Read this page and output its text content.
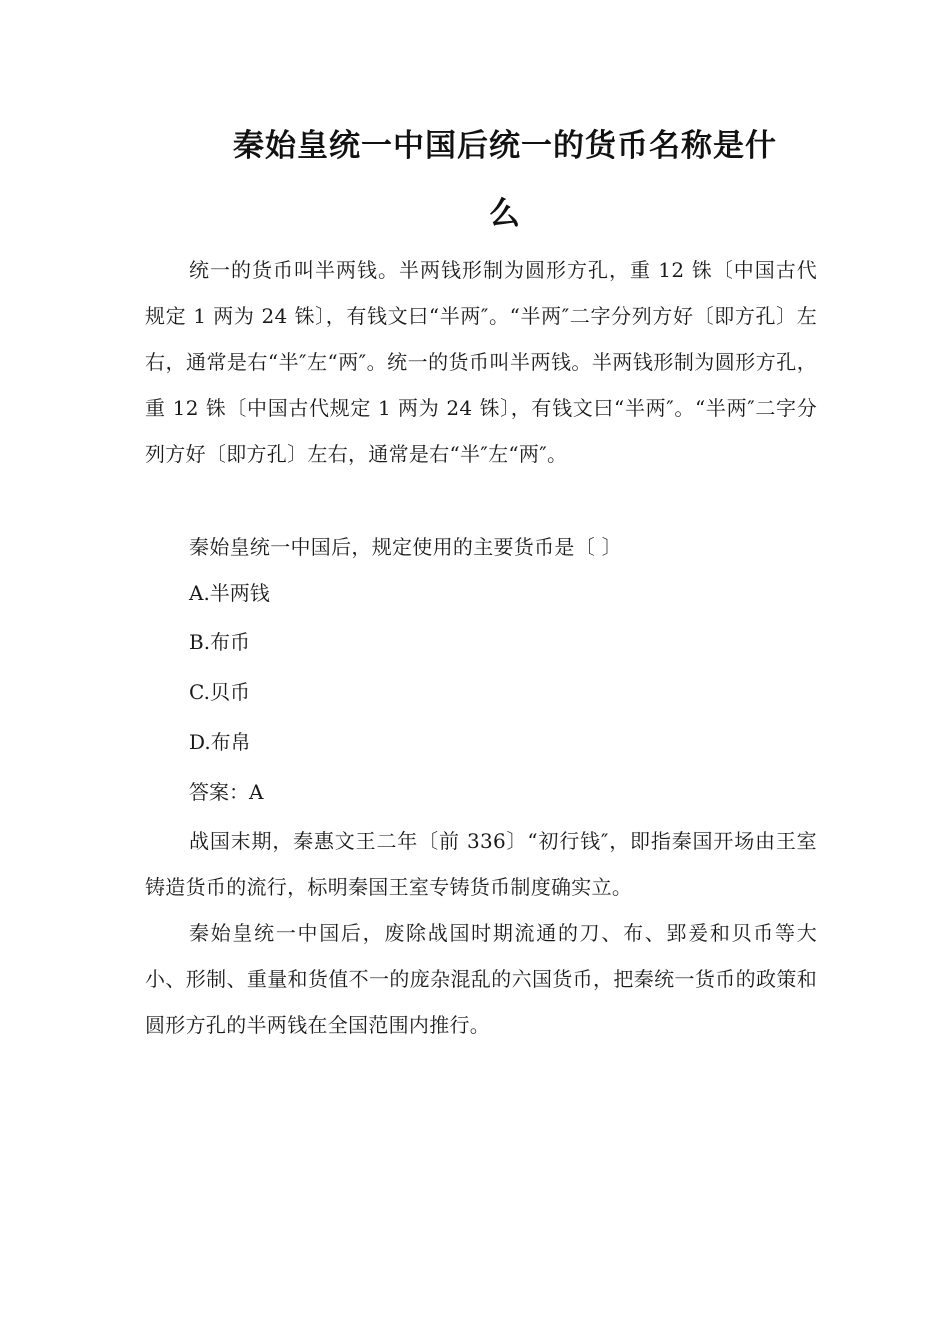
秦始皇统一中国后统一的货币名称是什
么

统一的货币叫半两钱。半两钱形制为圆形方孔，重 12 铢〔中国古代规定 1 两为 24 铢〕，有钱文曰“半两″。“半两″二字分列方好〔即方孔〕左右，通常是右“半″左“两″。统一的货币叫半两钱。半两钱形制为圆形方孔，重 12 铢〔中国古代规定 1 两为 24 铢〕，有钱文曰“半两″。“半两″二字分列方好〔即方孔〕左右，通常是右“半″左“两″。

秦始皇统一中国后，规定使用的主要货币是〔 〕

A.半两钱
B.布币
C.贝币
D.布帛
答案：A

战国末期，秦惠文王二年〔前 336〕“初行钱″，即指秦国开场由王室铸造货币的流行，标明秦国王室专铸货币制度确实立。

秦始皇统一中国后，废除战国时期流通的刀、布、郢爰和贝币等大小、形制、重量和货值不一的庞杂混乱的六国货币，把秦统一货币的政策和圆形方孔的半两钱在全国范围内推行。
